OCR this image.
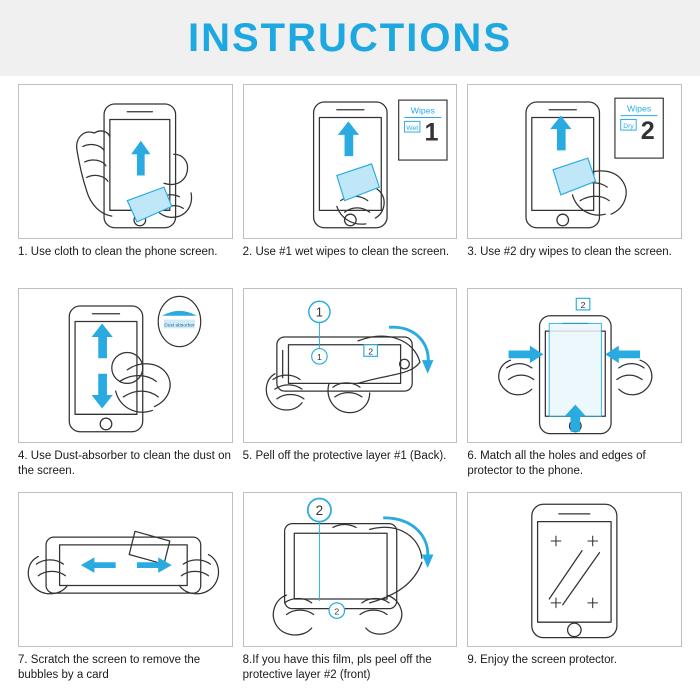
INSTRUCTIONS
1. Use cloth to clean the phone screen.
Wipes
Wet 1
2. Use #1 wet wipes to clean the screen.
Wipes
Dry 2
3. Use #2 dry wipes to clean the screen.
Dust absorber
4. Use Dust-absorber to clean the dust on the screen.
1
1
2
5. Pell off the protective layer #1 (Back).
2
6. Match all the holes and edges of protector to the phone.
7. Scratch the screen to remove the bubbles by a card
2
2
8.If you have this film, pls peel off the protective layer #2 (front)
9. Enjoy the screen protector.
